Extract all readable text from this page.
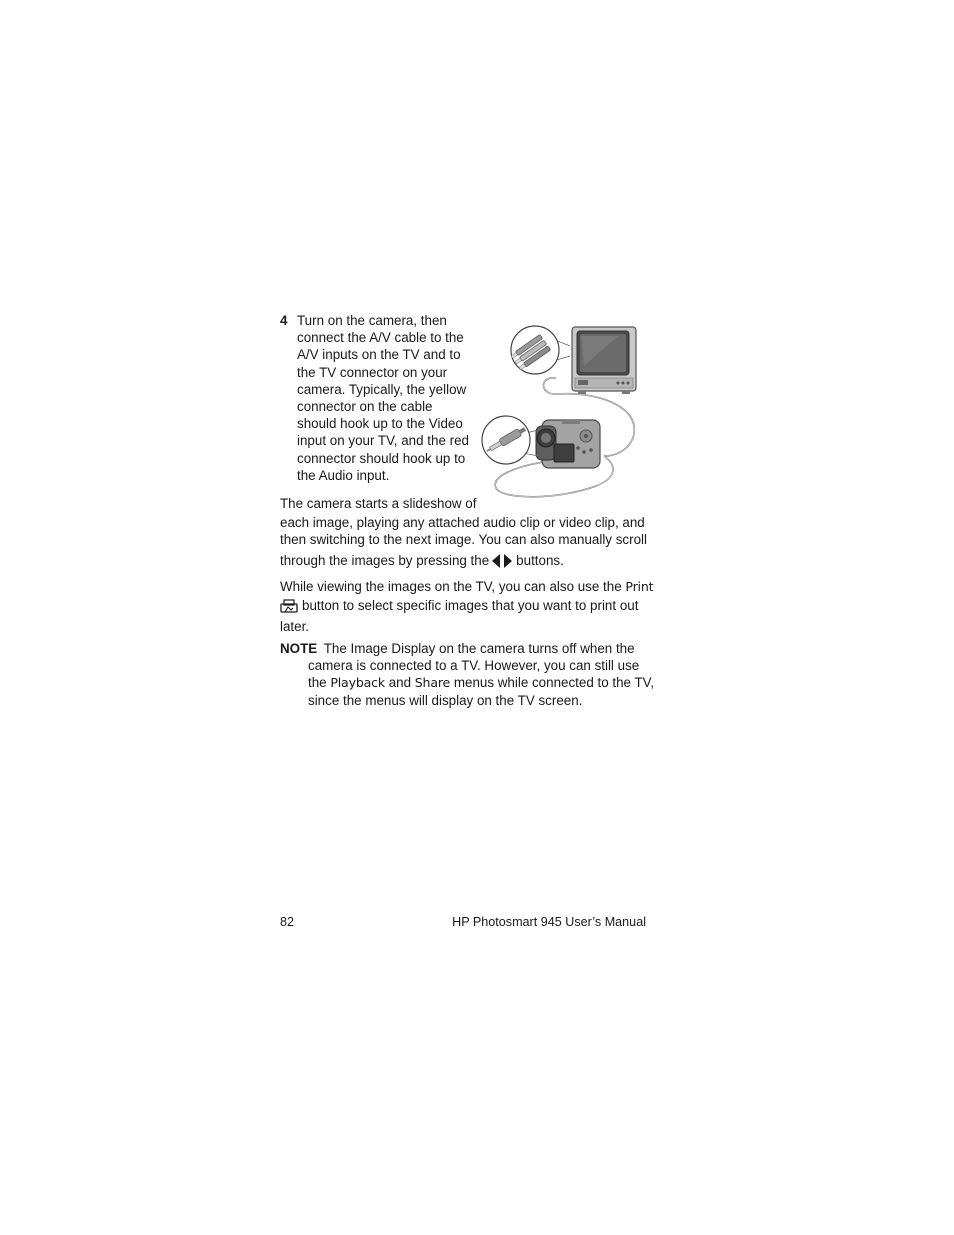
4 Turn on the camera, then
connect the A/V cable to the
A/V inputs on the TV and to
the TV connector on your
camera. Typically, the yellow
connector on the cable
should hook up to the Video
input on your TV, and the red
connector should hook up to
the Audio input.
The camera starts a slideshow of
each image, playing any attached audio clip or video clip, and
then switching to the next image. You can also manually scroll
through the images by pressing the buttons.
While viewing the images on the TV, you can also use the Print
button to select specific images that you want to print out
later.
NOTE The Image Display on the camera turns off when the
camera is connected to a TV. However, you can still use
the Playback and Share menus while connected to the TV,
since the menus will display on the TV screen.
82	HP Photosmart 945 User’s Manual
